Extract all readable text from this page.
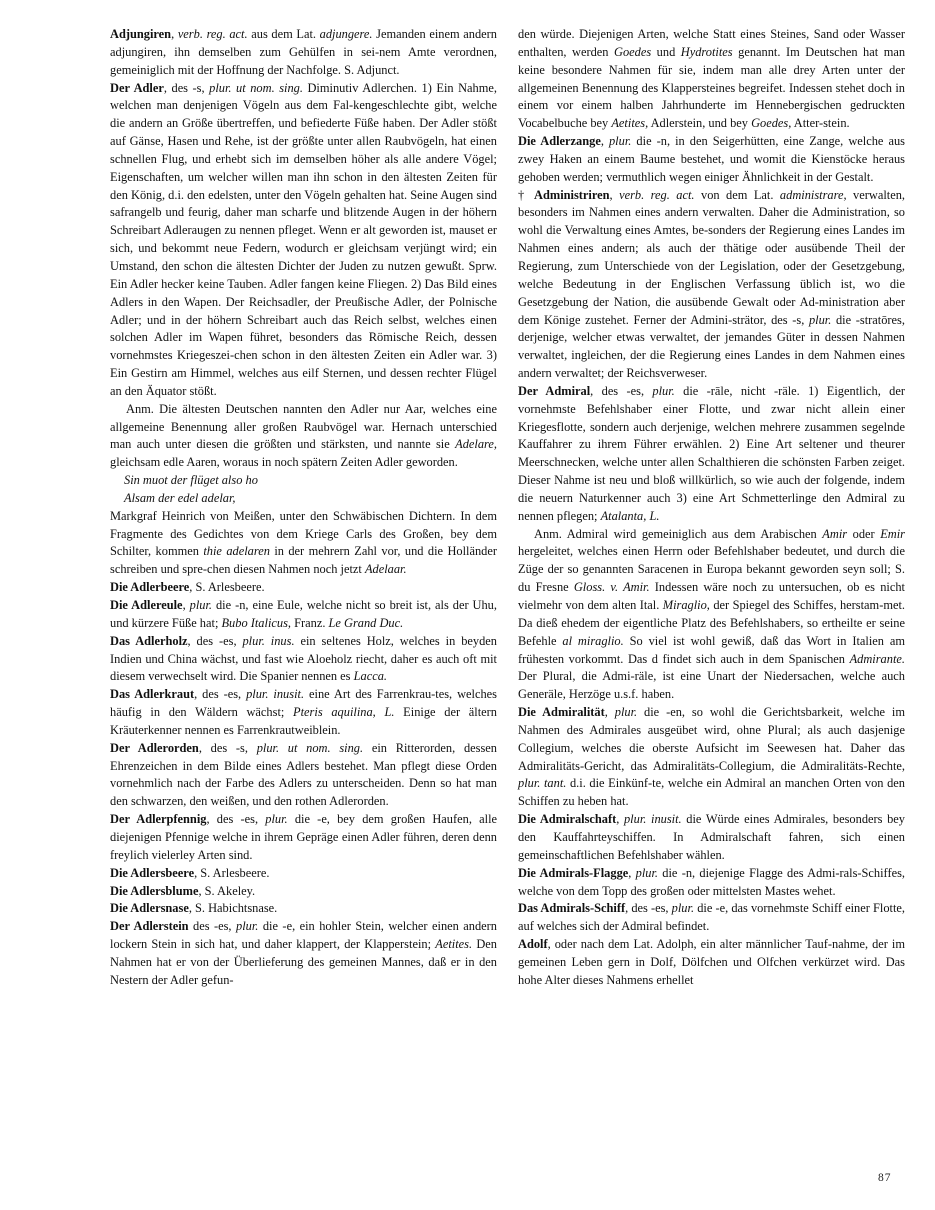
Adjungiren, verb. reg. act. aus dem Lat. adjungere. Jemanden einem andern adjungiren, ihn demselben zum Gehülfen in sei-nem Amte verordnen, gemeiniglich mit der Hoffnung der Nachfolge. S. Adjunct.

Der Adler, des -s, plur. ut nom. sing. Diminutiv Adlerchen. 1) Ein Nahme, welchen man denjenigen Vögeln aus dem Fal-kengeschlechte gibt, welche die andern an Größe übertreffen, und befiederte Füße haben. Der Adler stößt auf Gänse, Hasen und Rehe, ist der größte unter allen Raubvögeln, hat einen schnellen Flug, und erhebt sich im demselben höher als alle andere Vögel; Eigenschaften, um welcher willen man ihn schon in den ältesten Zeiten für den König, d.i. den edelsten, unter den Vögeln gehalten hat. Seine Augen sind safrangelb und feurig, daher man scharfe und blitzende Augen in der höhern Schreibart Adleraugen zu nennen pfleget. Wenn er alt geworden ist, mauset er sich, und bekommt neue Federn, wodurch er gleichsam verjüngt wird; ein Umstand, den schon die ältesten Dichter der Juden zu nutzen gewußt. Sprw. Ein Adler hecker keine Tauben. Adler fangen keine Fliegen. 2) Das Bild eines Adlers in den Wapen. Der Reichsadler, der Preußische Adler, der Polnische Adler; und in der höhern Schreibart auch das Reich selbst, welches einen solchen Adler im Wapen führet, besonders das Römische Reich, dessen vornehmstes Kriegeszei-chen schon in den ältesten Zeiten ein Adler war. 3) Ein Gestirn am Himmel, welches aus eilf Sternen, und dessen rechter Flügel an den Äquator stößt.

Anm. Die ältesten Deutschen nannten den Adler nur Aar, welches eine allgemeine Benennung aller großen Raubvögel war. Hernach unterschied man auch unter diesen die größten und stärksten, und nannte sie Adelare, gleichsam edle Aaren, woraus in noch spätern Zeiten Adler geworden.

Sin muot der flüget also ho

Alsam der edel adelar,

Markgraf Heinrich von Meißen, unter den Schwäbischen Dichtern. In dem Fragmente des Gedichtes von dem Kriege Carls des Großen, bey dem Schilter, kommen thie adelaren in der mehrern Zahl vor, und die Holländer schreiben und spre-chen diesen Nahmen noch jetzt Adelaar.

Die Adlerbeere, S. Arlesbeere.

Die Adlereule, plur. die -n, eine Eule, welche nicht so breit ist, als der Uhu, und kürzere Füße hat; Bubo Italicus, Franz. Le Grand Duc.

Das Adlerholz, des -es, plur. inus. ein seltenes Holz, welches in beyden Indien und China wächst, und fast wie Aloeholz riecht, daher es auch oft mit diesem verwechselt wird. Die Spanier nennen es Lacca.

Das Adlerkraut, des -es, plur. inusit. eine Art des Farrenkrau-tes, welches häufig in den Wäldern wächst; Pteris aquilina, L. Einige der ältern Kräuterkenner nennen es Farrenkrautweiblein.

Der Adlerorden, des -s, plur. ut nom. sing. ein Ritterorden, dessen Ehrenzeichen in dem Bilde eines Adlers bestehet. Man pflegt diese Orden vornehmlich nach der Farbe des Adlers zu unterscheiden. Denn so hat man den schwarzen, den weißen, und den rothen Adlerorden.

Der Adlerpfennig, des -es, plur. die -e, bey dem großen Haufen, alle diejenigen Pfennige welche in ihrem Gepräge einen Adler führen, deren denn freylich vielerley Arten sind.

Die Adlersbeere, S. Arlesbeere.

Die Adlersblume, S. Akeley.

Die Adlersnase, S. Habichtsnase.

Der Adlerstein des -es, plur. die -e, ein hohler Stein, welcher einen andern lockern Stein in sich hat, und daher klappert, der Klapperstein; Aetites. Den Nahmen hat er von der Überlieferung des gemeinen Mannes, daß er in den Nestern der Adler gefun-

den würde. Diejenigen Arten, welche Statt eines Steines, Sand oder Wasser enthalten, werden Goedes und Hydrotites genannt. Im Deutschen hat man keine besondere Nahmen für sie, indem man alle drey Arten unter der allgemeinen Benennung des Klappersteines begreifet. Indessen stehet doch in einem vor einem halben Jahrhunderte im Hennebergischen gedruckten Vocabelbuche bey Aetites, Adlerstein, und bey Goedes, Atter-stein.

Die Adlerzange, plur. die -n, in den Seigerhütten, eine Zange, welche aus zwey Haken an einem Baume bestehet, und womit die Kienstöcke heraus gehoben werden; vermuthlich wegen einiger Ähnlichkeit in der Gestalt.

† Administriren, verb. reg. act. von dem Lat. administrare, verwalten, besonders im Nahmen eines andern verwalten. Daher die Administration, so wohl die Verwaltung eines Amtes, be-sonders der Regierung eines Landes im Nahmen eines andern; als auch der thätige oder ausübende Theil der Regierung, zum Unterschiede von der Legislation, oder der Gesetzgebung, welche Bedeutung in der Englischen Verfassung üblich ist, wo die Gesetzgebung der Nation, die ausübende Gewalt oder Ad-ministration aber dem Könige zustehet. Ferner der Admini-strätor, des -s, plur. die -stratōres, derjenige, welcher etwas verwaltet, der jemandes Güter in dessen Nahmen verwaltet, ingleichen, der die Regierung eines Landes in dem Nahmen eines andern verwaltet; der Reichsverweser.

Der Admiral, des -es, plur. die -rāle, nicht -räle. 1) Eigentlich, der vornehmste Befehlshaber einer Flotte, und zwar nicht allein einer Kriegesflotte, sondern auch derjenige, welchen mehrere zusammen segelnde Kauffahrer zu ihrem Führer erwählen. 2) Eine Art seltener und theurer Meerschnecken, welche unter allen Schalthieren die schönsten Farben zeiget. Dieser Nahme ist neu und bloß willkürlich, so wie auch der folgende, indem die neuern Naturkenner auch 3) eine Art Schmetterlinge den Admiral zu nennen pflegen; Atalanta, L.

Anm. Admiral wird gemeiniglich aus dem Arabischen Amir oder Emir hergeleitet, welches einen Herrn oder Befehlshaber bedeutet, und durch die Züge der so genannten Saracenen in Europa bekannt geworden seyn soll; S. du Fresne Gloss. v. Amir. Indessen wäre noch zu untersuchen, ob es nicht vielmehr von dem alten Ital. Miraglio, der Spiegel des Schiffes, herstam-met. Da dieß ehedem der eigentliche Platz des Befehlshabers, so ertheilte er seine Befehle al miraglio. So viel ist wohl gewiß, daß das Wort in Italien am frühesten vorkommt. Das d findet sich auch in dem Spanischen Admirante. Der Plural, die Admi-räle, ist eine Unart der Niedersachen, welche auch Generäle, Herzöge u.s.f. haben.

Die Admiralität, plur. die -en, so wohl die Gerichtsbarkeit, welche im Nahmen des Admirales ausgeübet wird, ohne Plural; als auch dasjenige Collegium, welches die oberste Aufsicht im Seewesen hat. Daher das Admiralitäts-Gericht, das Admiralitäts-Collegium, die Admiralitäts-Rechte, plur. tant. d.i. die Einkünf-te, welche ein Admiral an manchen Orten von den Schiffen zu heben hat.

Die Admiralschaft, plur. inusit. die Würde eines Admirales, besonders bey den Kauffahrteyschiffen. In Admiralschaft fahren, sich einen gemeinschaftlichen Befehlshaber wählen.

Die Admirals-Flagge, plur. die -n, diejenige Flagge des Admi-rals-Schiffes, welche von dem Topp des großen oder mittelsten Mastes wehet.

Das Admirals-Schiff, des -es, plur. die -e, das vornehmste Schiff einer Flotte, auf welches sich der Admiral befindet.

Adolf, oder nach dem Lat. Adolph, ein alter männlicher Tauf-nahme, der im gemeinen Leben gern in Dolf, Dölfchen und Olfchen verkürzet wird. Das hohe Alter dieses Nahmens erhellet

87
